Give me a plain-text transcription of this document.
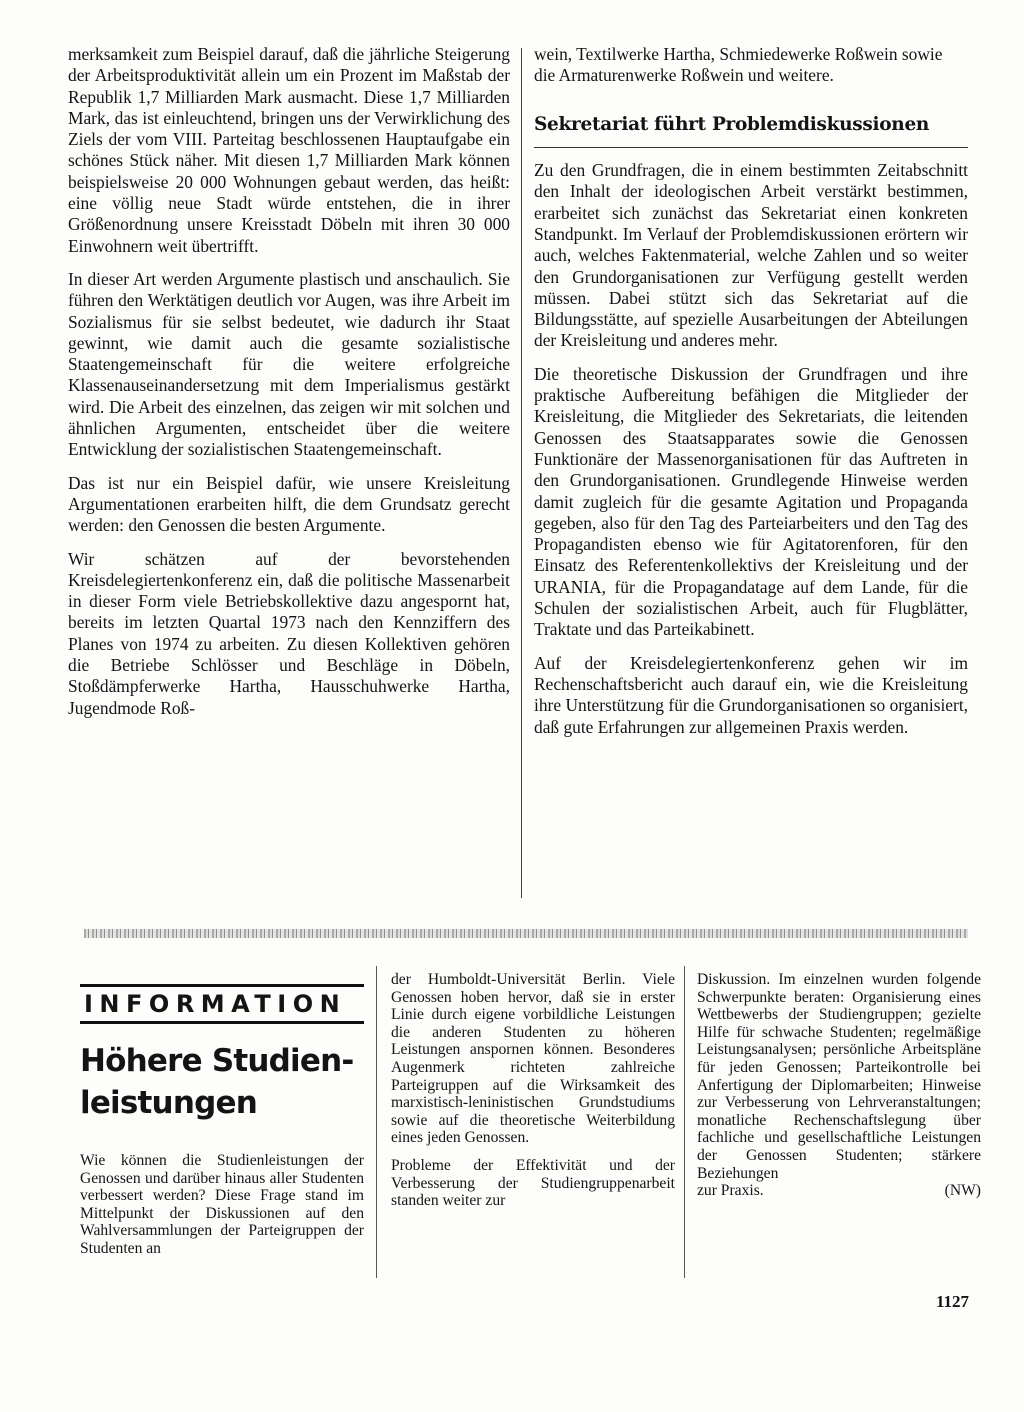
merksamkeit zum Beispiel darauf, daß die jährliche Steigerung der Arbeitsproduktivität allein um ein Prozent im Maßstab der Republik 1,7 Milliarden Mark ausmacht. Diese 1,7 Milliarden Mark, das ist einleuchtend, bringen uns der Verwirklichung des Ziels der vom VIII. Parteitag beschlossenen Hauptaufgabe ein schönes Stück näher. Mit diesen 1,7 Milliarden Mark können beispielsweise 20 000 Wohnungen gebaut werden, das heißt: eine völlig neue Stadt würde entstehen, die in ihrer Größenordnung unsere Kreisstadt Döbeln mit ihren 30 000 Einwohnern weit übertrifft.

In dieser Art werden Argumente plastisch und anschaulich. Sie führen den Werktätigen deutlich vor Augen, was ihre Arbeit im Sozialismus für sie selbst bedeutet, wie dadurch ihr Staat gewinnt, wie damit auch die gesamte sozialistische Staatengemeinschaft für die weitere erfolgreiche Klassenauseinandersetzung mit dem Imperialismus gestärkt wird. Die Arbeit des einzelnen, das zeigen wir mit solchen und ähnlichen Argumenten, entscheidet über die weitere Entwicklung der sozialistischen Staatengemeinschaft.

Das ist nur ein Beispiel dafür, wie unsere Kreisleitung Argumentationen erarbeiten hilft, die dem Grundsatz gerecht werden: den Genossen die besten Argumente.

Wir schätzen auf der bevorstehenden Kreisdelegiertenkonferenz ein, daß die politische Massenarbeit in dieser Form viele Betriebskollektive dazu angespornt hat, bereits im letzten Quartal 1973 nach den Kennziffern des Planes von 1974 zu arbeiten. Zu diesen Kollektiven gehören die Betriebe Schlösser und Beschläge in Döbeln, Stoßdämpferwerke Hartha, Hausschuhwerke Hartha, Jugendmode Roß-

wein, Textilwerke Hartha, Schmiedewerke Roßwein sowie die Armaturenwerke Roßwein und weitere.

Sekretariat führt Problemdiskussionen

Zu den Grundfragen, die in einem bestimmten Zeitabschnitt den Inhalt der ideologischen Arbeit verstärkt bestimmen, erarbeitet sich zunächst das Sekretariat einen konkreten Standpunkt. Im Verlauf der Problemdiskussionen erörtern wir auch, welches Faktenmaterial, welche Zahlen und so weiter den Grundorganisationen zur Verfügung gestellt werden müssen. Dabei stützt sich das Sekretariat auf die Bildungsstätte, auf spezielle Ausarbeitungen der Abteilungen der Kreisleitung und anderes mehr.

Die theoretische Diskussion der Grundfragen und ihre praktische Aufbereitung befähigen die Mitglieder der Kreisleitung, die Mitglieder des Sekretariats, die leitenden Genossen des Staatsapparates sowie die Genossen Funktionäre der Massenorganisationen für das Auftreten in den Grundorganisationen. Grundlegende Hinweise werden damit zugleich für die gesamte Agitation und Propaganda gegeben, also für den Tag des Parteiarbeiters und den Tag des Propagandisten ebenso wie für Agitatorenforen, für den Einsatz des Referentenkollektivs der Kreisleitung und der URANIA, für die Propagandatage auf dem Lande, für die Schulen der sozialistischen Arbeit, auch für Flugblätter, Traktate und das Parteikabinett.

Auf der Kreisdelegiertenkonferenz gehen wir im Rechenschaftsbericht auch darauf ein, wie die Kreisleitung ihre Unterstützung für die Grundorganisationen so organisiert, daß gute Erfahrungen zur allgemeinen Praxis werden.

INFORMATION
Höhere Studien-
leistungen

Wie können die Studienleistungen der Genossen und darüber hinaus aller Studenten verbessert werden? Diese Frage stand im Mittelpunkt der Diskussionen auf den Wahlversammlungen der Parteigruppen der Studenten an

der Humboldt-Universität Berlin. Viele Genossen hoben hervor, daß sie in erster Linie durch eigene vorbildliche Leistungen die anderen Studenten zu höheren Leistungen anspornen können. Besonderes Augenmerk richteten zahlreiche Parteigruppen auf die Wirksamkeit des marxistisch-leninistischen Grundstudiums sowie auf die theoretische Weiterbildung eines jeden Genossen.

Probleme der Effektivität und der Verbesserung der Studiengruppenarbeit standen weiter zur

Diskussion. Im einzelnen wurden folgende Schwerpunkte beraten: Organisierung eines Wettbewerbs der Studiengruppen; gezielte Hilfe für schwache Studenten; regelmäßige Leistungsanalysen; persönliche Arbeitspläne für jeden Genossen; Parteikontrolle bei Anfertigung der Diplomarbeiten; Hinweise zur Verbesserung von Lehrveranstaltungen; monatliche Rechenschaftslegung über fachliche und gesellschaftliche Leistungen der Genossen Studenten; stärkere Beziehungen

zur Praxis.	(NW)
1127
